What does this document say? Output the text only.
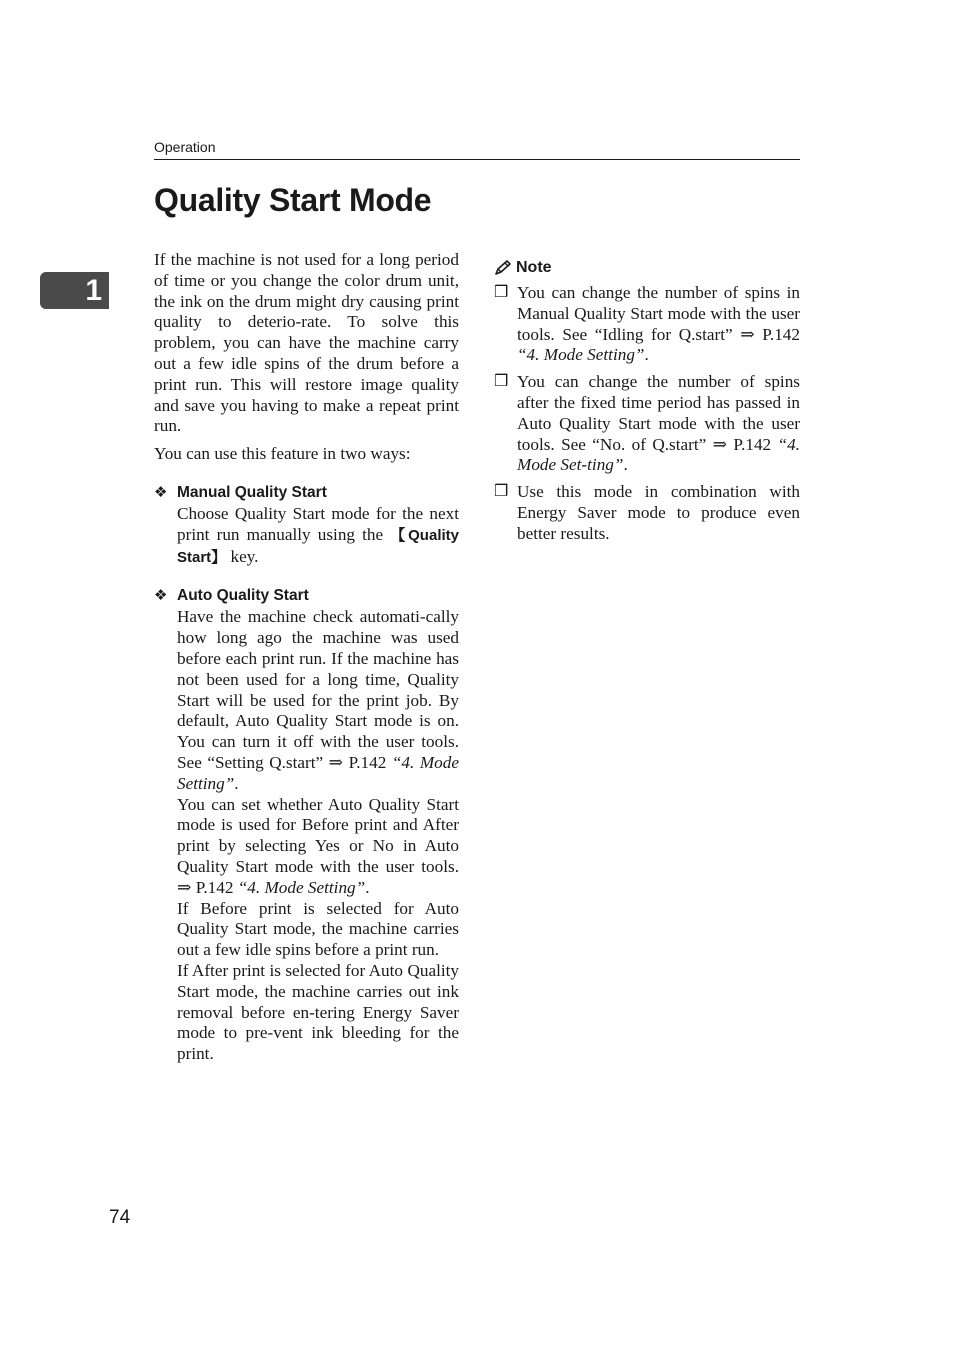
Operation
1
Quality Start Mode

If the machine is not used for a long period of time or you change the color drum unit, the ink on the drum might dry causing print quality to deterio-rate. To solve this problem, you can have the machine carry out a few idle spins of the drum before a print run. This will restore image quality and save you having to make a repeat print run.

You can use this feature in two ways:

❖ Manual Quality Start

Choose Quality Start mode for the next print run manually using the 【Quality Start】 key.

❖ Auto Quality Start

Have the machine check automati-cally how long ago the machine was used before each print run. If the machine has not been used for a long time, Quality Start will be used for the print job. By default, Auto Quality Start mode is on. You can turn it off with the user tools. See “Setting Q.start” ⇒ P.142 “4. Mode Setting”.

You can set whether Auto Quality Start mode is used for Before print and After print by selecting Yes or No in Auto Quality Start mode with the user tools. ⇒ P.142 “4. Mode Setting”.

If Before print is selected for Auto Quality Start mode, the machine carries out a few idle spins before a print run.

If After print is selected for Auto Quality Start mode, the machine carries out ink removal before en-tering Energy Saver mode to pre-vent ink bleeding for the print.

Note
❒ You can change the number of spins in Manual Quality Start mode with the user tools. See “Idling for Q.start” ⇒ P.142 “4. Mode Setting”.

❒ You can change the number of spins after the fixed time period has passed in Auto Quality Start mode with the user tools. See “No. of Q.start” ⇒ P.142 “4. Mode Set-ting”.

❒ Use this mode in combination with Energy Saver mode to produce even better results.

74
